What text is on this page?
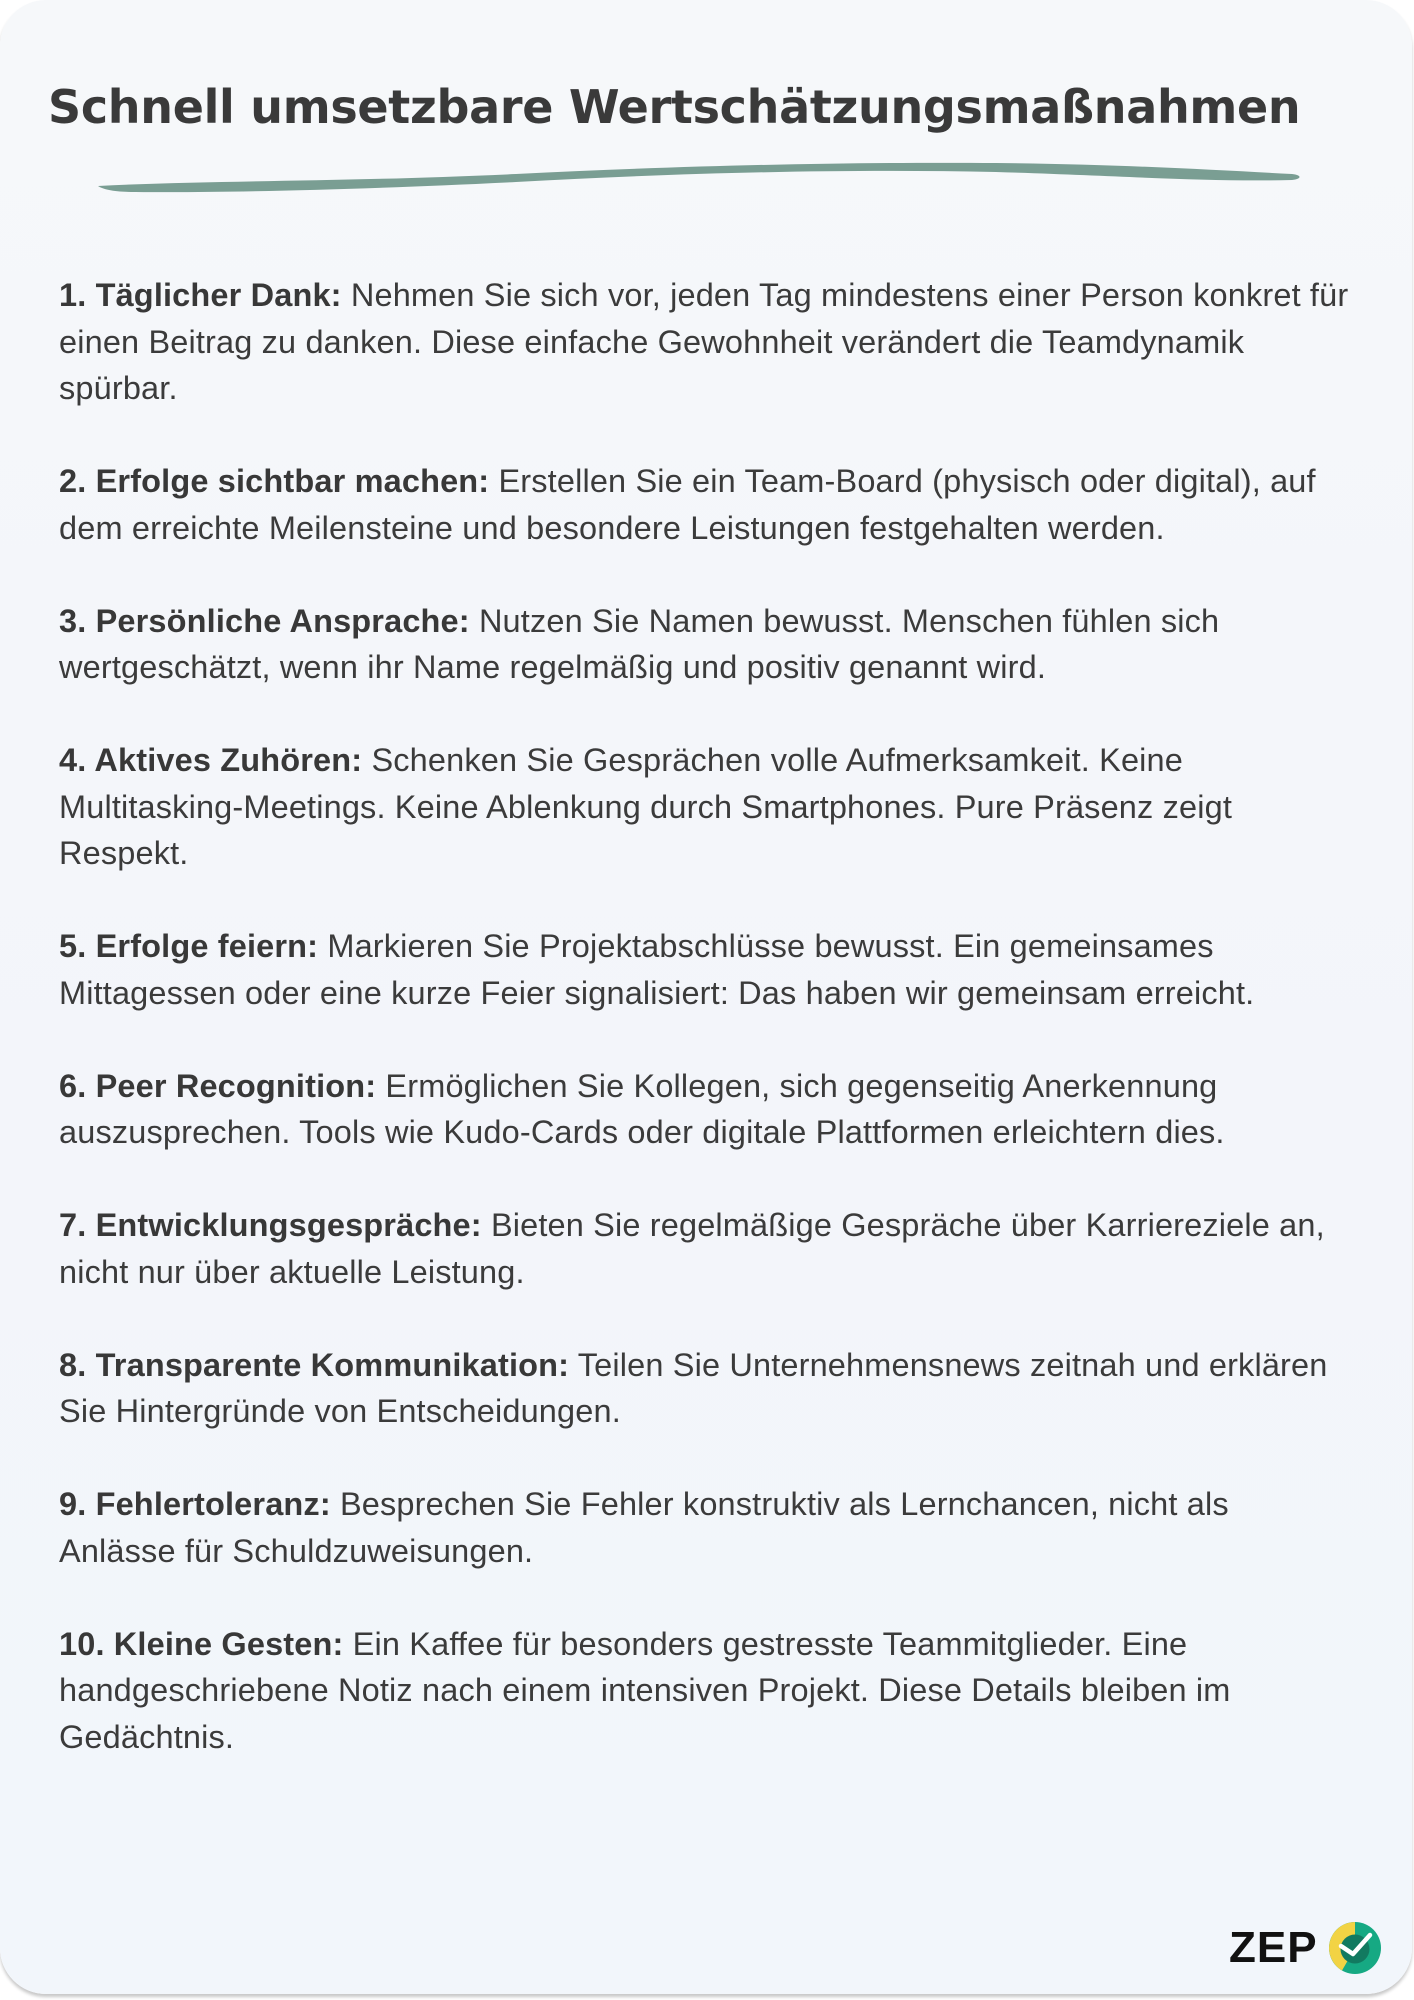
Schnell umsetzbare Wertschätzungsmaßnahmen
1. Täglicher Dank: Nehmen Sie sich vor, jeden Tag mindestens einer Person konkret für einen Beitrag zu danken. Diese einfache Gewohnheit verändert die Teamdynamik spürbar.
2. Erfolge sichtbar machen: Erstellen Sie ein Team-Board (physisch oder digital), auf dem erreichte Meilensteine und besondere Leistungen festgehalten werden.
3. Persönliche Ansprache: Nutzen Sie Namen bewusst. Menschen fühlen sich wertgeschätzt, wenn ihr Name regelmäßig und positiv genannt wird.
4. Aktives Zuhören: Schenken Sie Gesprächen volle Aufmerksamkeit. Keine Multitasking-Meetings. Keine Ablenkung durch Smartphones. Pure Präsenz zeigt Respekt.
5. Erfolge feiern: Markieren Sie Projektabschlüsse bewusst. Ein gemeinsames Mittagessen oder eine kurze Feier signalisiert: Das haben wir gemeinsam erreicht.
6. Peer Recognition: Ermöglichen Sie Kollegen, sich gegenseitig Anerkennung auszusprechen. Tools wie Kudo-Cards oder digitale Plattformen erleichtern dies.
7. Entwicklungsgespräche: Bieten Sie regelmäßige Gespräche über Karriereziele an, nicht nur über aktuelle Leistung.
8. Transparente Kommunikation: Teilen Sie Unternehmensnews zeitnah und erklären Sie Hintergründe von Entscheidungen.
9. Fehlertoleranz: Besprechen Sie Fehler konstruktiv als Lernchancen, nicht als Anlässe für Schuldzuweisungen.
10. Kleine Gesten: Ein Kaffee für besonders gestresste Teammitglieder. Eine handgeschriebene Notiz nach einem intensiven Projekt. Diese Details bleiben im Gedächtnis.
ZEP
